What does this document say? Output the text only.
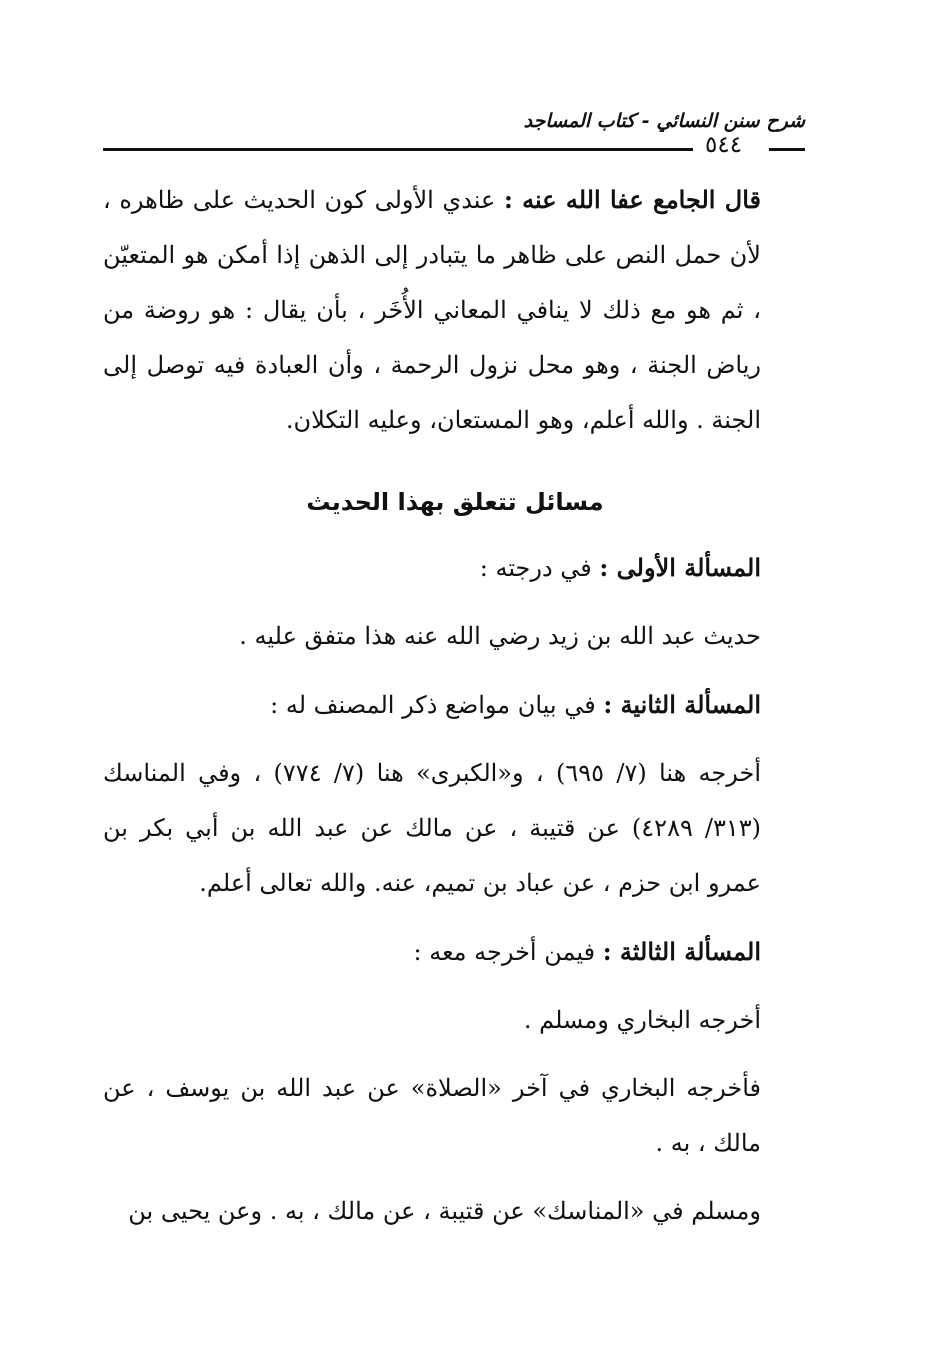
شرح سنن النسائي - كتاب المساجد
٥٤٤

قال الجامع عفا الله عنه : عندي الأولى كون الحديث على ظاهره ، لأن حمل النص على ظاهر ما يتبادر إلى الذهن إذا أمكن هو المتعيّن ، ثم هو مع ذلك لا ينافي المعاني الأُخَر ، بأن يقال : هو روضة من رياض الجنة ، وهو محل نزول الرحمة ، وأن العبادة فيه توصل إلى الجنة . والله أعلم، وهو المستعان، وعليه التكلان.

مسائل تتعلق بهذا الحديث

المسألة الأولى : في درجته :

حديث عبد الله بن زيد رضي الله عنه هذا متفق عليه .

المسألة الثانية : في بيان مواضع ذكر المصنف له :

أخرجه هنا (٧/ ٦٩٥) ، و«الكبرى» هنا (٧/ ٧٧٤) ، وفي المناسك (٣١٣/ ٤٢٨٩) عن قتيبة ، عن مالك عن عبد الله بن أبي بكر بن عمرو ابن حزم ، عن عباد بن تميم، عنه. والله تعالى أعلم.

المسألة الثالثة : فيمن أخرجه معه :

أخرجه البخاري ومسلم .

فأخرجه البخاري في آخر «الصلاة» عن عبد الله بن يوسف ، عن مالك ، به .

ومسلم في «المناسك» عن قتيبة ، عن مالك ، به . وعن يحيى بن
